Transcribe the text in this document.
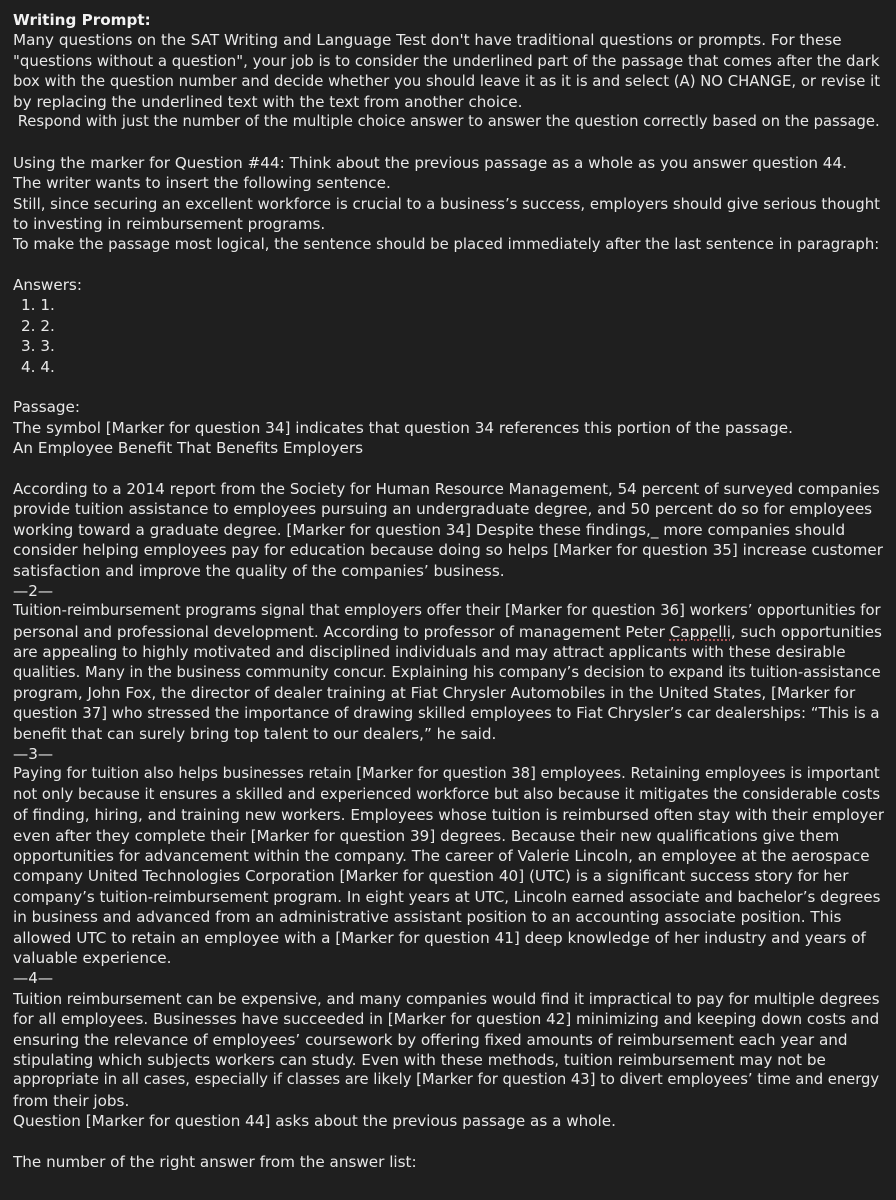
Writing Prompt:
Many questions on the SAT Writing and Language Test don't have traditional questions or prompts. For these
"questions without a question", your job is to consider the underlined part of the passage that comes after the dark
box with the question number and decide whether you should leave it as it is and select (A) NO CHANGE, or revise it
by replacing the underlined text with the text from another choice.
Respond with just the number of the multiple choice answer to answer the question correctly based on the passage.
Using the marker for Question #44: Think about the previous passage as a whole as you answer question 44.
The writer wants to insert the following sentence.
Still, since securing an excellent workforce is crucial to a business’s success, employers should give serious thought
to investing in reimbursement programs.
To make the passage most logical, the sentence should be placed immediately after the last sentence in paragraph:
Answers:
1. 1.
2. 2.
3. 3.
4. 4.
Passage:
The symbol [Marker for question 34] indicates that question 34 references this portion of the passage.
An Employee Benefit That Benefits Employers
According to a 2014 report from the Society for Human Resource Management, 54 percent of surveyed companies
provide tuition assistance to employees pursuing an undergraduate degree, and 50 percent do so for employees
working toward a graduate degree. [Marker for question 34] Despite these findings,_ more companies should
consider helping employees pay for education because doing so helps [Marker for question 35] increase customer
satisfaction and improve the quality of the companies’ business.
—2—
Tuition-reimbursement programs signal that employers offer their [Marker for question 36] workers’ opportunities for
personal and professional development. According to professor of management Peter Cappelli, such opportunities
are appealing to highly motivated and disciplined individuals and may attract applicants with these desirable
qualities. Many in the business community concur. Explaining his company’s decision to expand its tuition-assistance
program, John Fox, the director of dealer training at Fiat Chrysler Automobiles in the United States, [Marker for
question 37] who stressed the importance of drawing skilled employees to Fiat Chrysler’s car dealerships: “This is a
benefit that can surely bring top talent to our dealers,” he said.
—3—
Paying for tuition also helps businesses retain [Marker for question 38] employees. Retaining employees is important
not only because it ensures a skilled and experienced workforce but also because it mitigates the considerable costs
of finding, hiring, and training new workers. Employees whose tuition is reimbursed often stay with their employer
even after they complete their [Marker for question 39] degrees. Because their new qualifications give them
opportunities for advancement within the company. The career of Valerie Lincoln, an employee at the aerospace
company United Technologies Corporation [Marker for question 40] (UTC) is a significant success story for her
company’s tuition-reimbursement program. In eight years at UTC, Lincoln earned associate and bachelor’s degrees
in business and advanced from an administrative assistant position to an accounting associate position. This
allowed UTC to retain an employee with a [Marker for question 41] deep knowledge of her industry and years of
valuable experience.
—4—
Tuition reimbursement can be expensive, and many companies would find it impractical to pay for multiple degrees
for all employees. Businesses have succeeded in [Marker for question 42] minimizing and keeping down costs and
ensuring the relevance of employees’ coursework by offering fixed amounts of reimbursement each year and
stipulating which subjects workers can study. Even with these methods, tuition reimbursement may not be
appropriate in all cases, especially if classes are likely [Marker for question 43] to divert employees’ time and energy
from their jobs.
Question [Marker for question 44] asks about the previous passage as a whole.
The number of the right answer from the answer list:
